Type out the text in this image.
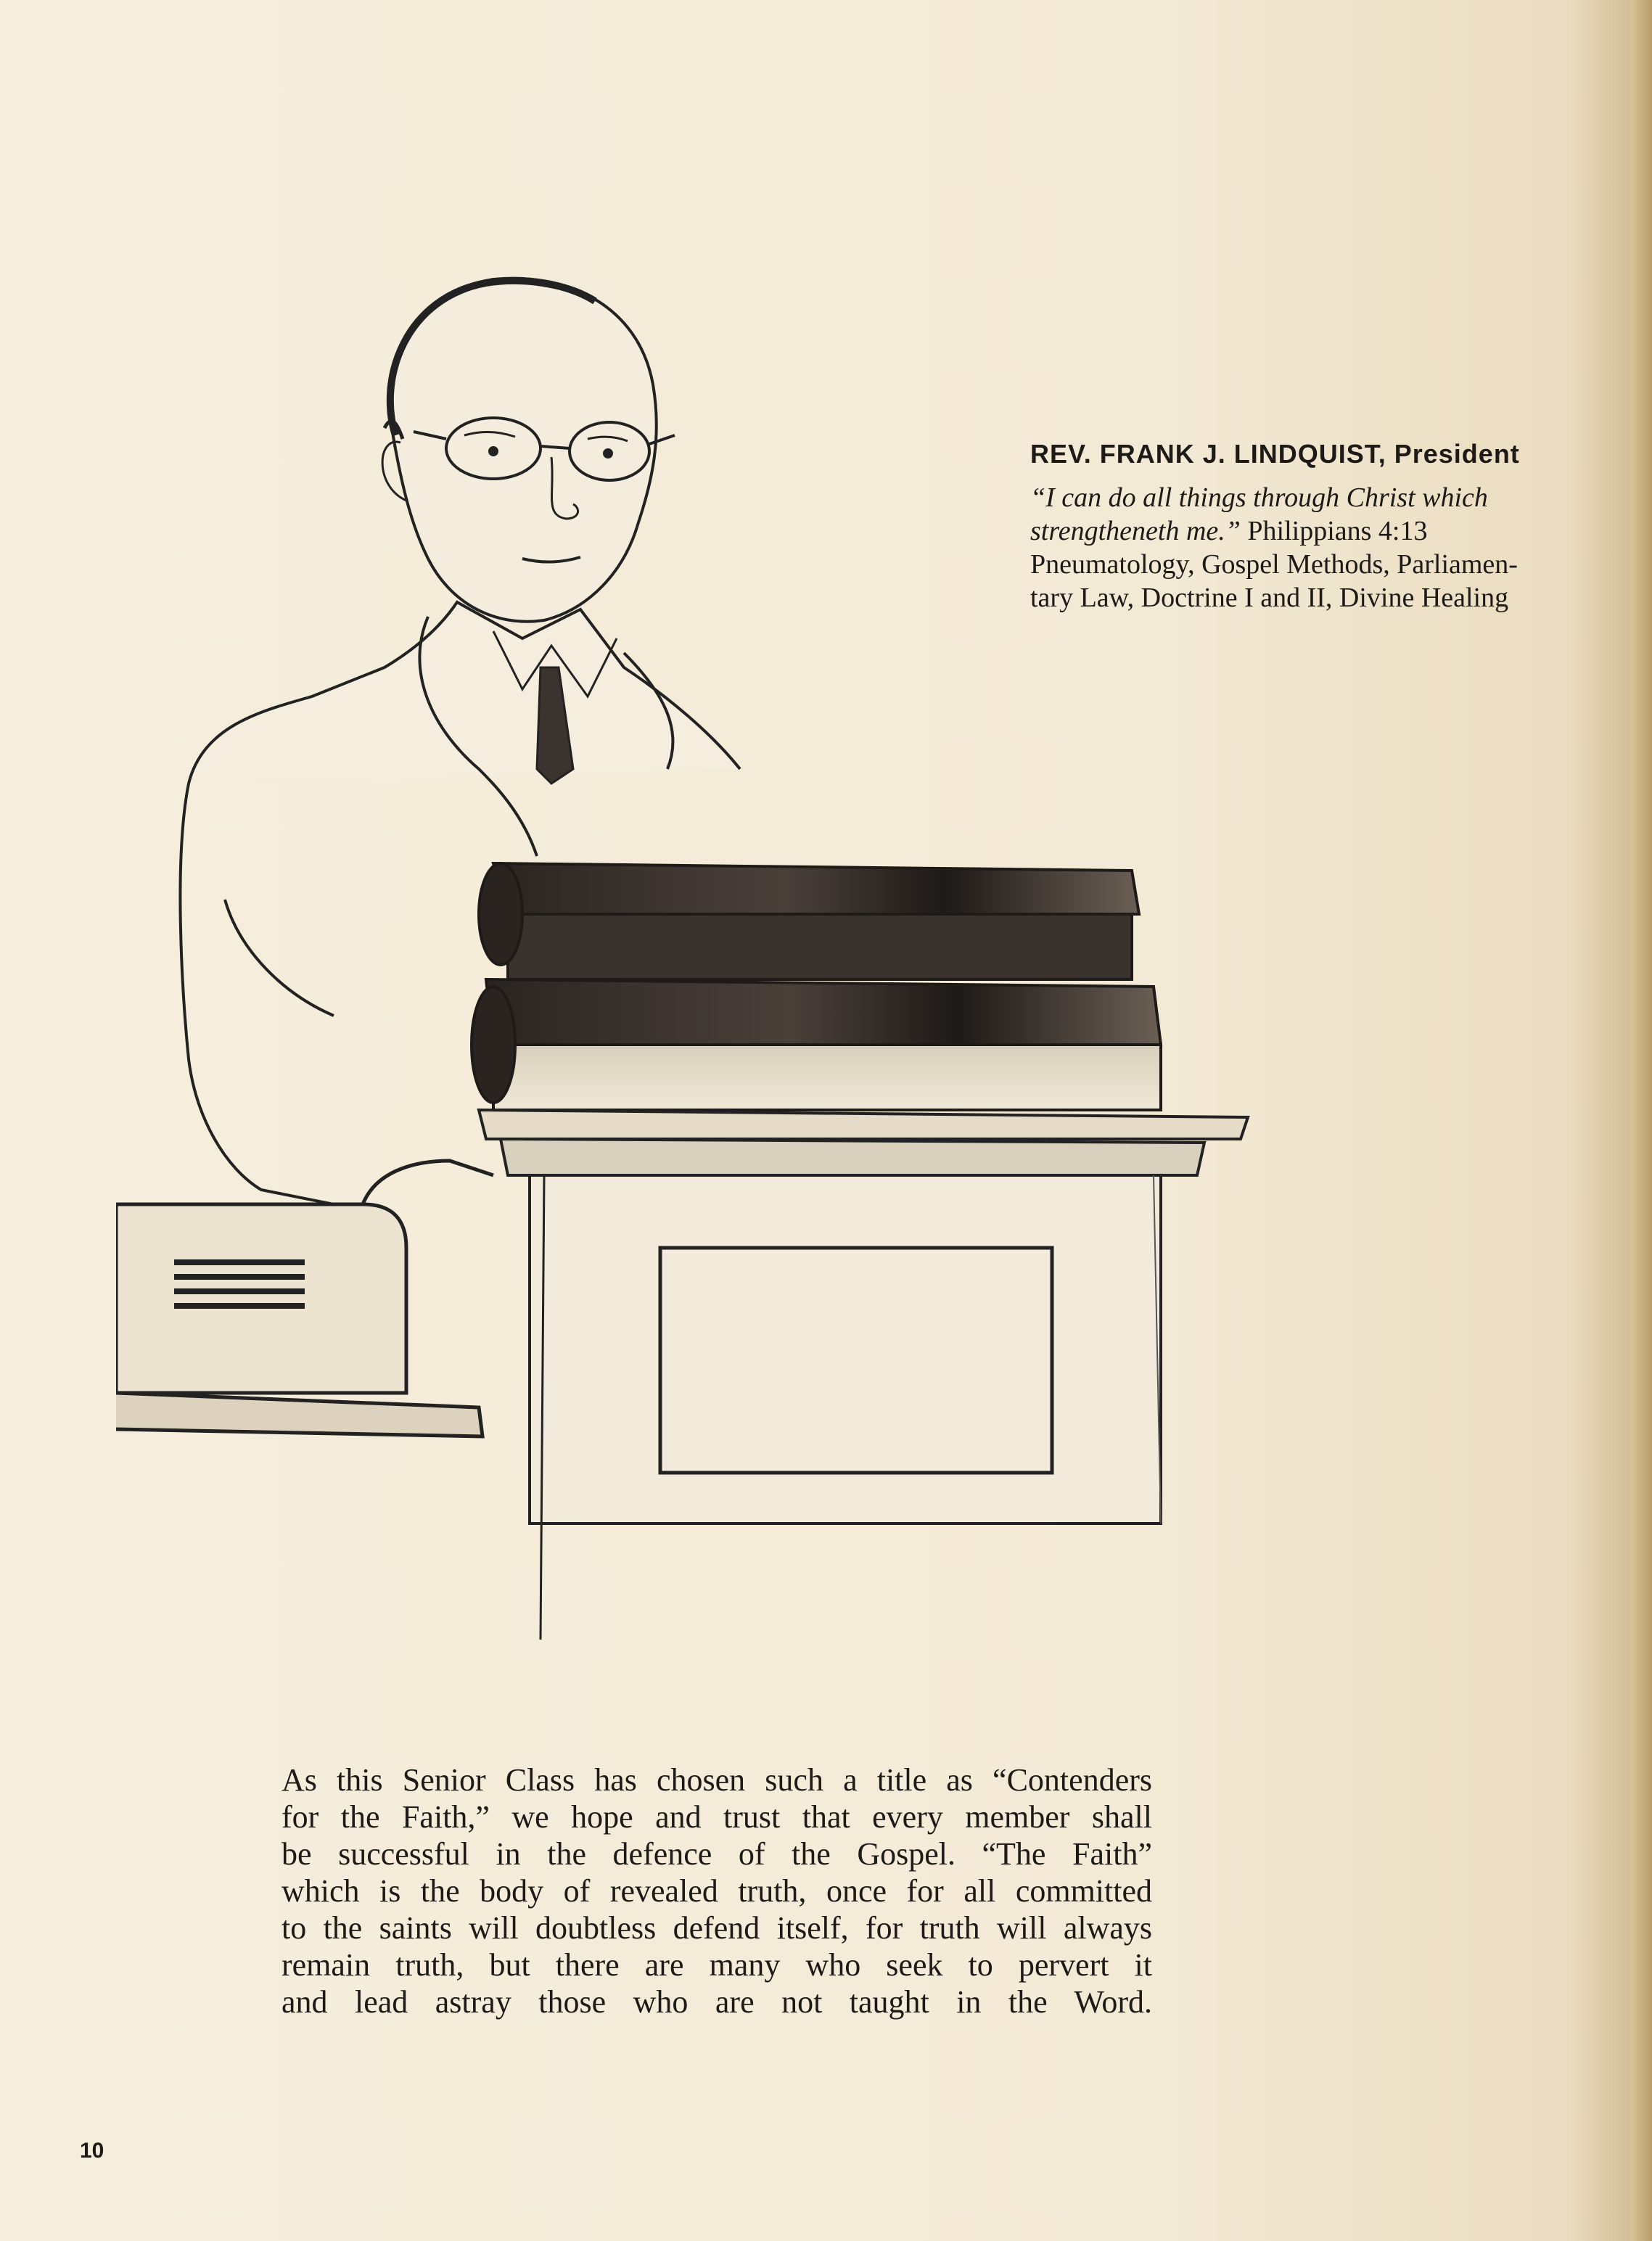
REV. FRANK J. LINDQUIST, President
“I can do all things through Christ which
strengtheneth me.” Philippians 4:13
Pneumatology, Gospel Methods, Parliamen-
tary Law, Doctrine I and II, Divine Healing
As this Senior Class has chosen such a title as “Contenders
for the Faith,” we hope and trust that every member shall
be successful in the defence of the Gospel. “The Faith”
which is the body of revealed truth, once for all committed
to the saints will doubtless defend itself, for truth will always
remain truth, but there are many who seek to pervert it
and lead astray those who are not taught in the Word.
10
